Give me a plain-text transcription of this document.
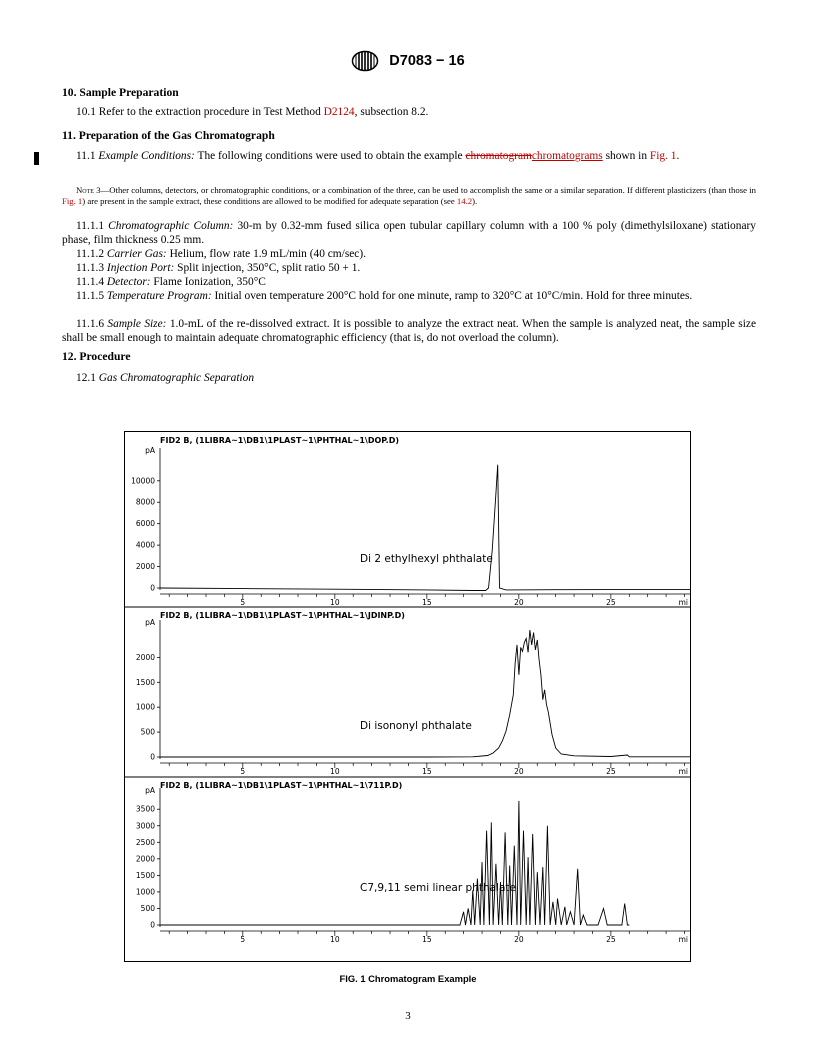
D7083 − 16
10. Sample Preparation
10.1 Refer to the extraction procedure in Test Method D2124, subsection 8.2.
11. Preparation of the Gas Chromatograph
11.1 Example Conditions: The following conditions were used to obtain the example chromatogramchromatograms shown in Fig. 1.
Note 3—Other columns, detectors, or chromatographic conditions, or a combination of the three, can be used to accomplish the same or a similar separation. If different plasticizers (than those in Fig. 1) are present in the sample extract, these conditions are allowed to be modified for adequate separation (see 14.2).
11.1.1 Chromatographic Column: 30-m by 0.32-mm fused silica open tubular capillary column with a 100 % poly (dimethylsiloxane) stationary phase, film thickness 0.25 mm.
11.1.2 Carrier Gas: Helium, flow rate 1.9 mL/min (40 cm/sec).
11.1.3 Injection Port: Split injection, 350°C, split ratio 50 + 1.
11.1.4 Detector: Flame Ionization, 350°C
11.1.5 Temperature Program: Initial oven temperature 200°C hold for one minute, ramp to 320°C at 10°C/min. Hold for three minutes.
11.1.6 Sample Size: 1.0-mL of the re-dissolved extract. It is possible to analyze the extract neat. When the sample is analyzed neat, the sample size shall be small enough to maintain adequate chromatographic efficiency (that is, do not overload the column).
12. Procedure
12.1 Gas Chromatographic Separation
FID2 B, (1LIBRA~1\DB1\1PLAST~1\PHTHAL~1\DOP.D)
pA
0
2000
4000
6000
8000
10000
5	10	15	20	25	mi
Di 2 ethylhexyl phthalate
FID2 B, (1LIBRA~1\DB1\1PLAST~1\PHTHAL~1\JDINP.D)
pA
0
500
1000
1500
2000
5	10	15	20	25	mi
Di isononyl phthalate
FID2 B, (1LIBRA~1\DB1\1PLAST~1\PHTHAL~1\711P.D)
pA
0
500
1000
1500
2000
2500
3000
3500
5	10	15	20	25	mi
C7,9,11 semi linear phthalate
FIG. 1 Chromatogram Example
3
